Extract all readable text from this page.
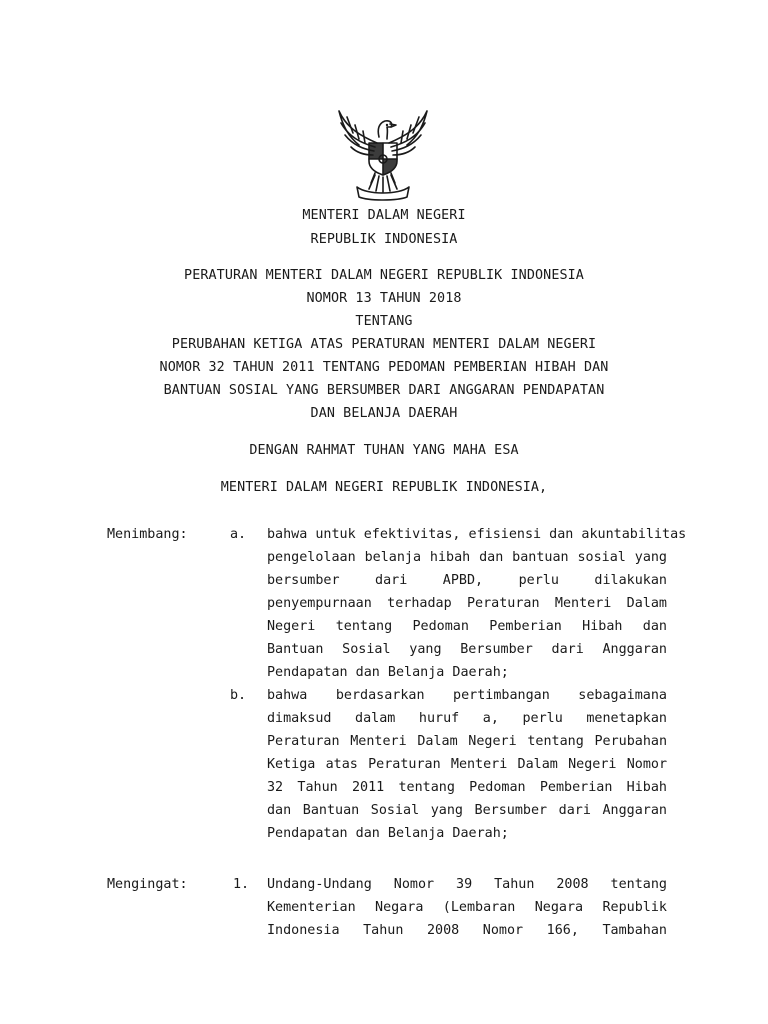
MENTERI DALAM NEGERI
REPUBLIK INDONESIA
PERATURAN MENTERI DALAM NEGERI REPUBLIK INDONESIA
NOMOR 13 TAHUN 2018
TENTANG
PERUBAHAN KETIGA ATAS PERATURAN MENTERI DALAM NEGERI
NOMOR 32 TAHUN 2011 TENTANG PEDOMAN PEMBERIAN HIBAH DAN
BANTUAN SOSIAL YANG BERSUMBER DARI ANGGARAN PENDAPATAN
DAN BELANJA DAERAH
DENGAN RAHMAT TUHAN YANG MAHA ESA
MENTERI DALAM NEGERI REPUBLIK INDONESIA,
Menimbang:	a. bahwa untuk efektivitas, efisiensi dan akuntabilitas
pengelolaan belanja hibah dan bantuan sosial yang
bersumber dari APBD, perlu dilakukan
penyempurnaan terhadap Peraturan Menteri Dalam
Negeri tentang Pedoman Pemberian Hibah dan
Bantuan Sosial yang Bersumber dari Anggaran
Pendapatan dan Belanja Daerah;
b. bahwa berdasarkan pertimbangan sebagaimana
dimaksud dalam huruf a, perlu menetapkan
Peraturan Menteri Dalam Negeri tentang Perubahan
Ketiga atas Peraturan Menteri Dalam Negeri Nomor
32 Tahun 2011 tentang Pedoman Pemberian Hibah
dan Bantuan Sosial yang Bersumber dari Anggaran
Pendapatan dan Belanja Daerah;
Mengingat:	1. Undang-Undang Nomor 39 Tahun 2008 tentang
Kementerian Negara (Lembaran Negara Republik
Indonesia Tahun 2008 Nomor 166, Tambahan
